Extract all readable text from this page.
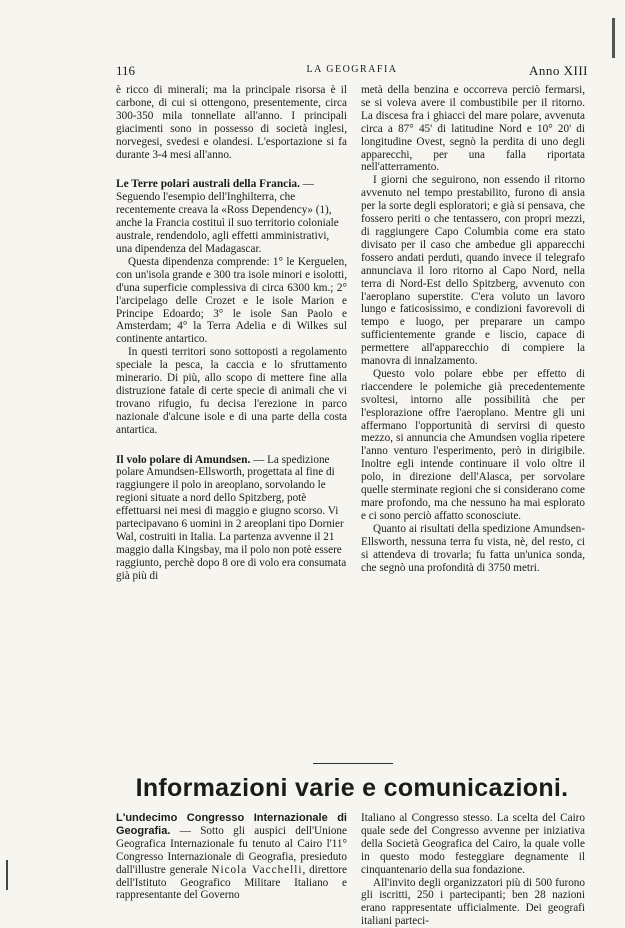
116	LA GEOGRAFIA	Anno XIII

è ricco di minerali; ma la principale risorsa è il carbone, di cui si ottengono, presentemente, circa 300-350 mila tonnellate all'anno. I principali giacimenti sono in possesso di società inglesi, norvegesi, svedesi e olandesi. L'esportazione si fa durante 3-4 mesi all'anno.

Le Terre polari australi della Francia. — Seguendo l'esempio dell'Inghilterra, che recentemente creava la «Ross Dependency» (1), anche la Francia costituì il suo territorio coloniale australe, rendendolo, agli effetti amministrativi, una dipendenza del Madagascar.

Questa dipendenza comprende: 1° le Kerguelen, con un'isola grande e 300 tra isole minori e isolotti, d'una superficie complessiva di circa 6300 km.; 2° l'arcipelago delle Crozet e le isole Marion e Principe Edoardo; 3° le isole San Paolo e Amsterdam; 4° la Terra Adelia e di Wilkes sul continente antartico.

In questi territori sono sottoposti a regolamento speciale la pesca, la caccia e lo sfruttamento minerario. Di più, allo scopo di mettere fine alla distruzione fatale di certe specie di animali che vi trovano rifugio, fu decisa l'erezione in parco nazionale d'alcune isole e di una parte della costa antartica.

Il volo polare di Amundsen. — La spedizione polare Amundsen-Ellsworth, progettata al fine di raggiungere il polo in areoplano, sorvolando le regioni situate a nord dello Spitzberg, potè effettuarsi nei mesi di maggio e giugno scorso. Vi partecipavano 6 uomini in 2 areoplani tipo Dornier Wal, costruiti in Italia. La partenza avvenne il 21 maggio dalla Kingsbay, ma il polo non potè essere raggiunto, perchè dopo 8 ore di volo era consumata già più di

metà della benzina e occorreva perciò fermarsi, se si voleva avere il combustibile per il ritorno. La discesa fra i ghiacci del mare polare, avvenuta circa a 87° 45' di latitudine Nord e 10° 20' di longitudine Ovest, segnò la perdita di uno degli apparecchi, per una falla riportata nell'atterramento.

I giorni che seguirono, non essendo il ritorno avvenuto nel tempo prestabilito, furono di ansia per la sorte degli esploratori; e già si pensava, che fossero periti o che tentassero, con propri mezzi, di raggiungere Capo Columbia come era stato divisato per il caso che ambedue gli apparecchi fossero andati perduti, quando invece il telegrafo annunciava il loro ritorno al Capo Nord, nella terra di Nord-Est dello Spitzberg, avvenuto con l'aeroplano superstite. C'era voluto un lavoro lungo e faticosissimo, e condizioni favorevoli di tempo e luogo, per preparare un campo sufficientemente grande e liscio, capace di permettere all'apparecchio di compiere la manovra di innalzamento.

Questo volo polare ebbe per effetto di riaccendere le polemiche già precedentemente svoltesi, intorno alle possibilità che per l'esplorazione offre l'aeroplano. Mentre gli uni affermano l'opportunità di servirsi di questo mezzo, si annuncia che Amundsen voglia ripetere l'anno venturo l'esperimento, però in dirigibile. Inoltre egli intende continuare il volo oltre il polo, in direzione dell'Alasca, per sorvolare quelle sterminate regioni che si considerano come mare profondo, ma che nessuno ha mai esplorato e ci sono perciò affatto sconosciute.

Quanto ai risultati della spedizione Amundsen-Ellsworth, nessuna terra fu vista, nè, del resto, ci si attendeva di trovarla; fu fatta un'unica sonda, che segnò una profondità di 3750 metri.

Informazioni varie e comunicazioni.

L'undecimo Congresso Internazionale di Geografia. — Sotto gli auspici dell'Unione Geografica Internazionale fu tenuto al Cairo l'11° Congresso Internazionale di Geografia, presieduto dall'illustre generale Nicola Vacchelli, direttore dell'Istituto Geografico Militare Italiano e rappresentante del Governo

Italiano al Congresso stesso. La scelta del Cairo quale sede del Congresso avvenne per iniziativa della Società Geografica del Cairo, la quale volle in questo modo festeggiare degnamente il cinquantenario della sua fondazione.

All'invito degli organizzatori più di 500 furono gli iscritti, 250 i partecipanti; ben 28 nazioni erano rappresentate ufficialmente. Dei geografi italiani parteci-
